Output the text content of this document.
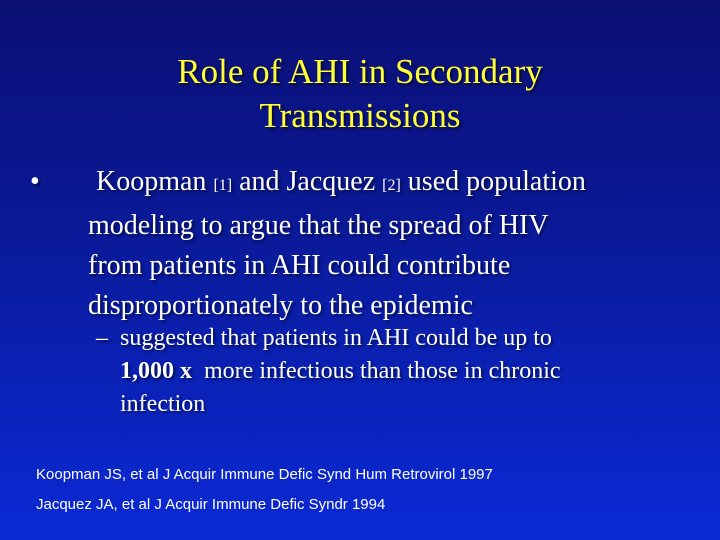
Role of AHI in Secondary
Transmissions
• Koopman [1] and Jacquez [2] used population
modeling to argue that the spread of HIV
from patients in AHI could contribute
disproportionately to the epidemic
– suggested that patients in AHI could be up to
1,000 x  more infectious than those in chronic
infection
Koopman JS, et al J Acquir Immune Defic Synd Hum Retrovirol 1997
Jacquez JA, et al J Acquir Immune Defic Syndr 1994
